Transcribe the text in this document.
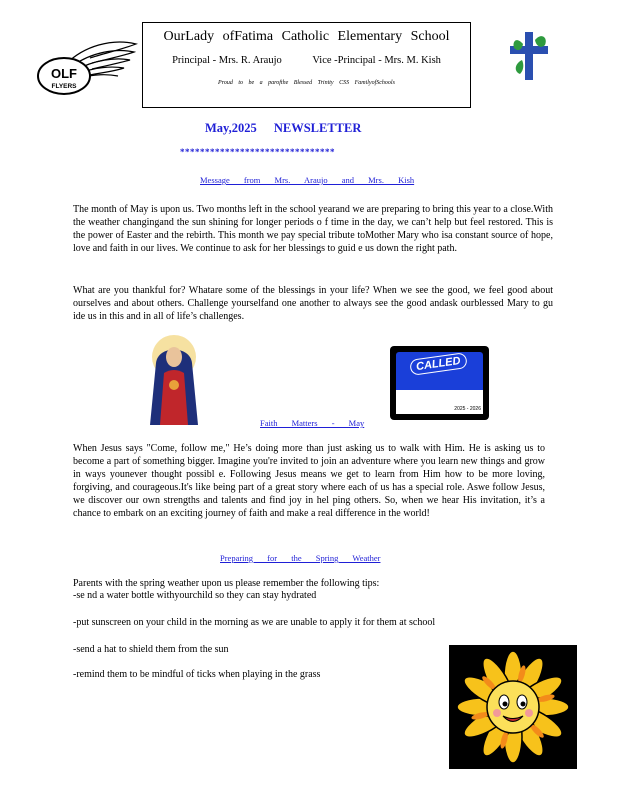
OLF
FLYERS
OurLady ofFatima Catholic Elementary School
Principal - Mrs. R. Araujo	Vice -Principal - Mrs. M. Kish
Proud to be a parofthe Blessed Trinity CSS FamilyofSchools
May,2025 NEWSLETTER
*******************************
Message from Mrs. Araujo and Mrs. Kish
The month of May is upon us. Two months left in the school yearand we are preparing to bring this year to a close.With the weather changingand the sun shining for longer periods o f time in the day, we can’t help but feel restored. This is the power of Easter and the rebirth. This month we pay special tribute toMother Mary who isa constant source of hope, love and faith in our lives. We continue to ask for her blessings to guid e us down the right path.
What are you thankful for? Whatare some of the blessings in your life? When we see the good, we feel good about ourselves and about others. Challenge yourselfand one another to always see the good andask ourblessed Mary to gu ide us in this and in all of life’s challenges.
CALLED
2025 - 2026
Faith Matters - May
When Jesus says "Come, follow me," He’s doing more than just asking us to walk with Him. He is asking us to become a part of something bigger. Imagine you're invited to join an adventure where you learn new things and grow in ways younever thought possibl e. Following Jesus means we get to learn from Him how to be more loving, forgiving, and courageous.It's like being part of a great story where each of us has a special role. Aswe follow Jesus, we discover our own strengths and talents and find joy in hel ping others. So, when we hear His invitation, it’s a chance to embark on an exciting journey of faith and make a real difference in the world!
Preparing for the Spring Weather
Parents with the spring weather upon us please remember the following tips:
-se nd a water bottle withyourchild so they can stay hydrated
-put sunscreen on your child in the morning as we are unable to apply it for them at school
-send a hat to shield them from the sun
-remind them to be mindful of ticks when playing in the grass
